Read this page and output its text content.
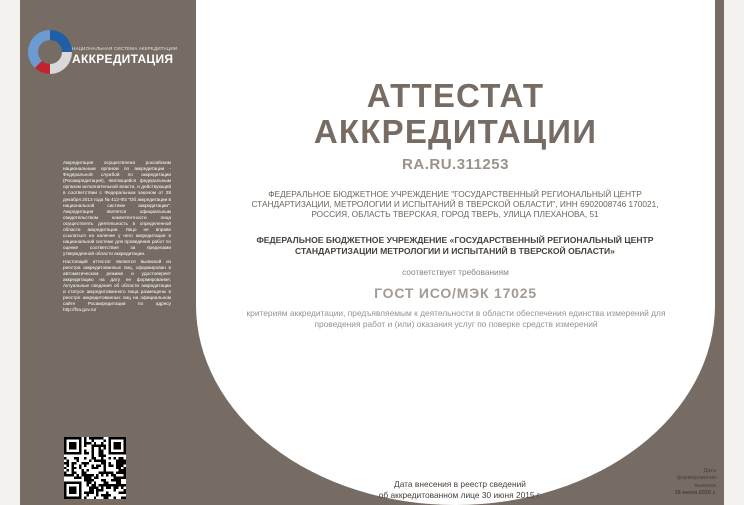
НАЦИОНАЛЬНАЯ СИСТЕМА АККРЕДИТАЦИИ
АККРЕДИТАЦИЯ

Аккредитация осуществлена российским национальным органом по аккредитации - Федеральной службой по аккредитации (Росаккредитация), являющейся федеральным органом исполнительной власти, и действующей в соответствии с Федеральным законом от 28 декабря 2013 года № 412-ФЗ "Об аккредитации в национальной системе аккредитации". Аккредитация является официальным свидетельством компетентности лица осуществлять деятельность в определенной области аккредитации. Лицо не вправе ссылаться на наличие у него аккредитации в национальной системе для проведения работ по оценке соответствия за пределами утвержденной области аккредитации.

Настоящий аттестат является выпиской из реестра аккредитованных лиц, сформирован в автоматическом режиме и удостоверяет аккредитацию на дату ее формирования. Актуальные сведения об области аккредитации и статусе аккредитованного лица размещены в реестре аккредитованных лиц на официальном сайте Росаккредитации по адресу http://fsa.gov.ru/

АТТЕСТАТ
АККРЕДИТАЦИИ
RA.RU.311253
ФЕДЕРАЛЬНОЕ БЮДЖЕТНОЕ УЧРЕЖДЕНИЕ "ГОСУДАРСТВЕННЫЙ РЕГИОНАЛЬНЫЙ ЦЕНТР СТАНДАРТИЗАЦИИ, МЕТРОЛОГИИ И ИСПЫТАНИЙ В ТВЕРСКОЙ ОБЛАСТИ", ИНН 6902008746 170021, РОССИЯ, ОБЛАСТЬ ТВЕРСКАЯ, ГОРОД ТВЕРЬ, УЛИЦА ПЛЕХАНОВА, 51
ФЕДЕРАЛЬНОЕ БЮДЖЕТНОЕ УЧРЕЖДЕНИЕ «ГОСУДАРСТВЕННЫЙ РЕГИОНАЛЬНЫЙ ЦЕНТР СТАНДАРТИЗАЦИИ МЕТРОЛОГИИ И ИСПЫТАНИЙ В ТВЕРСКОЙ ОБЛАСТИ»
соответствует требованиям
ГОСТ ИСО/МЭК 17025
критериям аккредитации, предъявляемым к деятельности в области обеспечения единства измерений для проведения работ и (или) оказания услуг по поверке средств измерений
Дата внесения в реестр сведений
об аккредитованном лице 30 июня 2015 г.
Дата
формирования
выписки
18 июня 2020 г.
